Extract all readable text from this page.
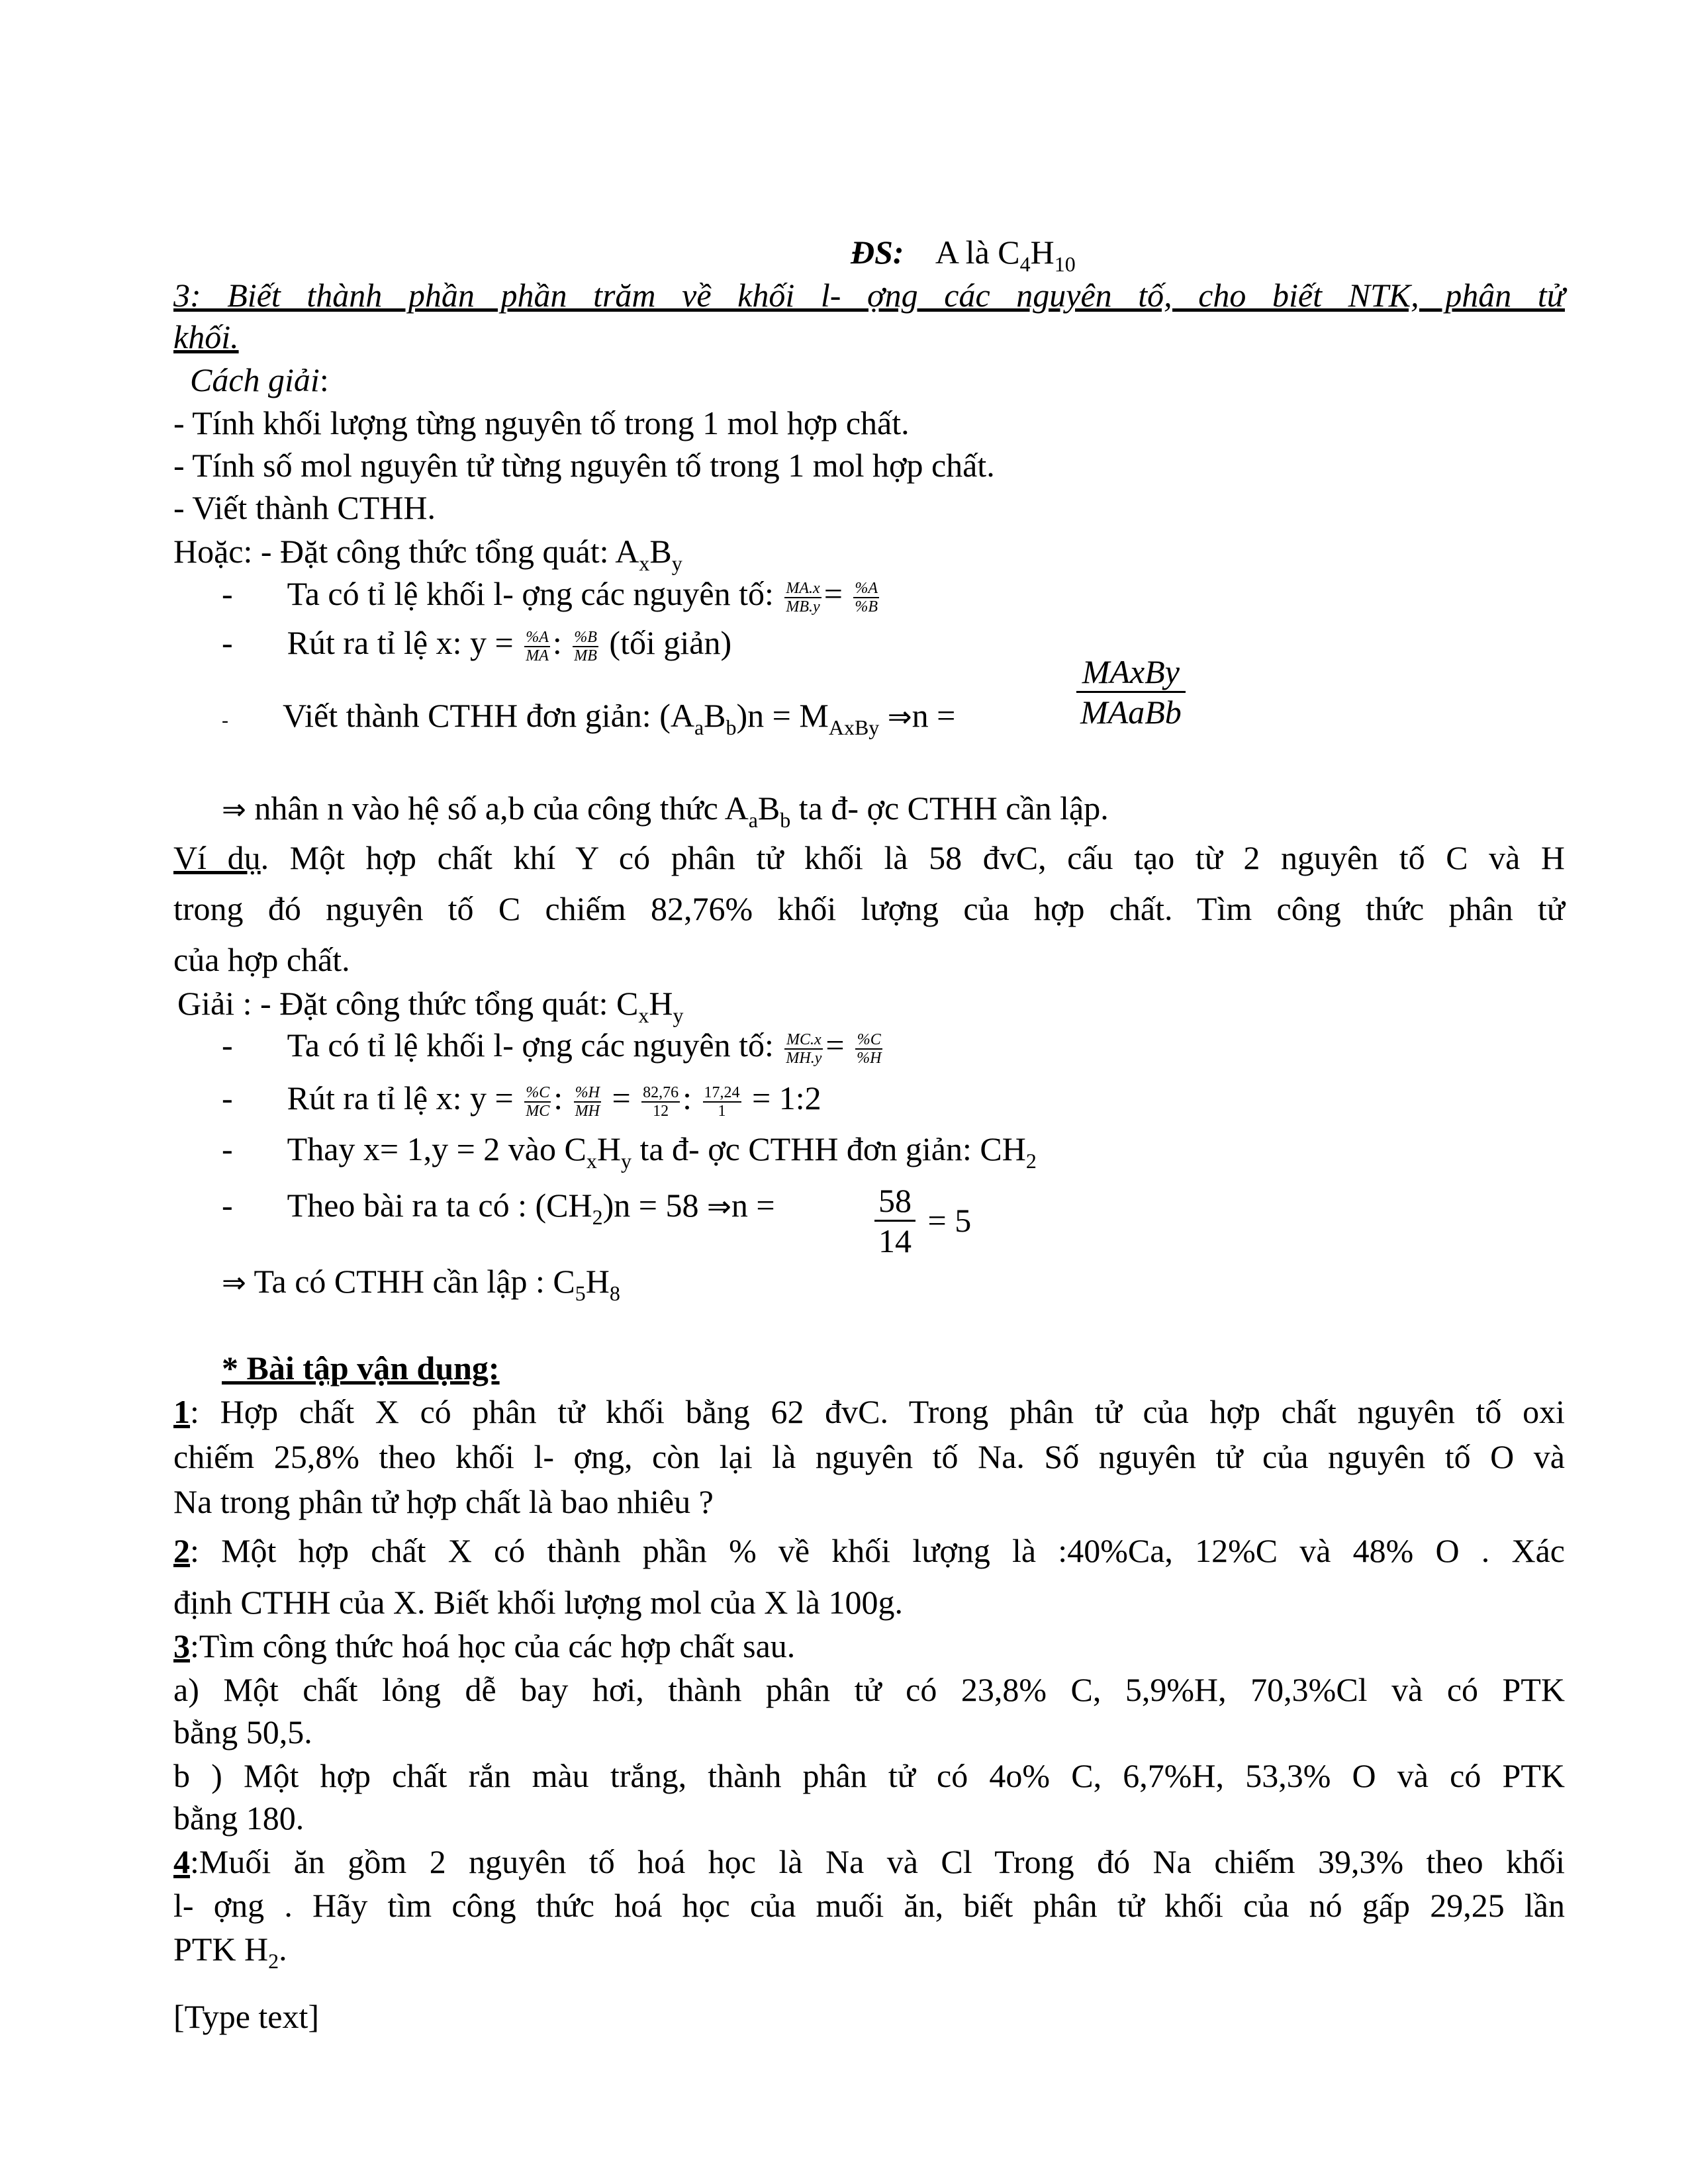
ĐS: A là $C_4H_{10}$
3: Biết thành phần phần trăm về khối l- ợng các nguyên tố, cho biết NTK, phân tử
khối.
Cách giải:
- Tính khối lượng từng nguyên tố trong 1 mol hợp chất.
- Tính số mol nguyên tử từng nguyên tố trong 1 mol hợp chất.
- Viết thành CTHH.
Hoặc: - Đặt công thức tổng quát: $A_xB_y$
- Ta có tỉ lệ khối l- ợng các nguyên tố: $\frac{MA.x}{MB.y} = \frac{\%A}{\%B}$
- Rút ra tỉ lệ x: $y = \frac{\%A}{MA}$ : $\frac{\%B}{MB}$ (tối giản)
- Viết thành CTHH đơn giản: $(A_aB_b)n = M_{AxBy}$ ⇒n =
MAxBy
MAaBb
⇒ nhân n vào hệ số a,b của công thức $A_aB_b$ ta đ- ợc CTHH cần lập.
Ví dụ. Một hợp chất khí Y có phân tử khối là 58 đvC, cấu tạo từ 2 nguyên tố C và H
trong đó nguyên tố C chiếm 82,76% khối lượng của hợp chất. Tìm công thức phân tử
của hợp chất.
Giải : - Đặt công thức tổng quát: $C_xH_y$
- Ta có tỉ lệ khối l- ợng các nguyên tố: $\frac{MC.x}{MH.y} = \frac{\%C}{\%H}$
- Rút ra tỉ lệ x: $y = \frac{\%C}{MC}$ : $\frac{\%H}{MH} = \frac{82,76}{12}$ : $\frac{17,24}{1}$ = 1:2
- Thay x= 1,y = 2 vào $C_xH_y$ ta đ- ợc CTHH đơn giản: $CH_2$
- Theo bài ra ta có : $(CH_2)n = 58$ ⇒n =	$\frac{58}{14} = 5$
⇒ Ta có CTHH cần lập : $C_5H_8$
* Bài tập vận dụng:
1: Hợp chất X có phân tử khối bằng 62 đvC. Trong phân tử của hợp chất nguyên tố oxi
chiếm 25,8% theo khối l- ợng, còn lại là nguyên tố Na. Số nguyên tử của nguyên tố O và
Na trong phân tử hợp chất là bao nhiêu ?
2: Một hợp chất X có thành phần % về khối lượng là :40%Ca, 12%C và 48% O . Xác
định CTHH của X. Biết khối lượng mol của X là 100g.
3:Tìm công thức hoá học của các hợp chất sau.
a) Một chất lỏng dễ bay hơi, thành phân tử có 23,8% C, 5,9%H, 70,3%Cl và có PTK
bằng 50,5.
b ) Một hợp chất rắn màu trắng, thành phân tử có 4o% C, 6,7%H, 53,3% O và có PTK
bằng 180.
4:Muối ăn gồm 2 nguyên tố hoá học là Na và Cl Trong đó Na chiếm 39,3% theo khối
l- ợng . Hãy tìm công thức hoá học của muối ăn, biết phân tử khối của nó gấp 29,25 lần
PTK $H_2$.
[Type text]
